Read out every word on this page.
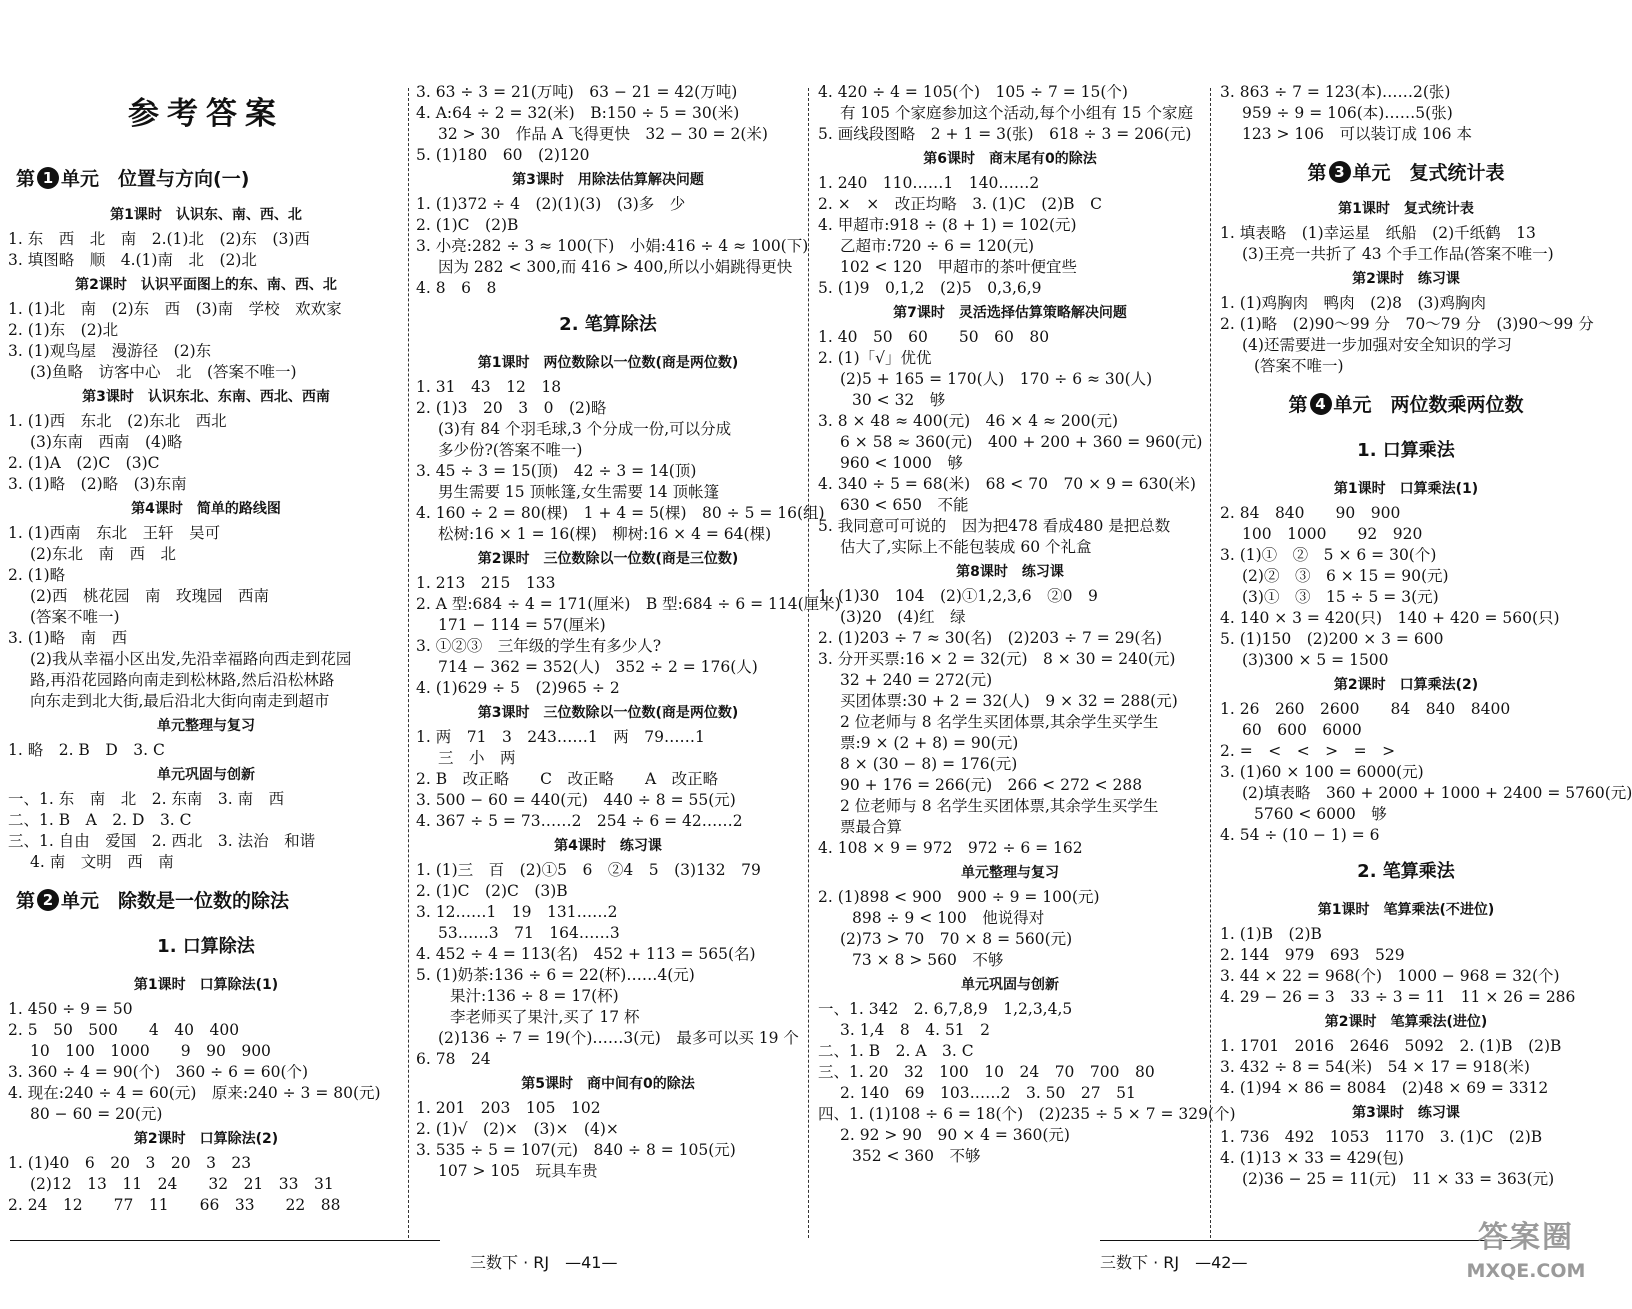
参考答案
第 1 单元　位置与方向(一)
第1课时　认识东、南、西、北
1. 东　西　北　南　2.(1)北　(2)东　(3)西
3. 填图略　顺　4.(1)南　北　(2)北
第2课时　认识平面图上的东、南、西、北
1. (1)北　南　(2)东　西　(3)南　学校　欢欢家
2. (1)东　(2)北
3. (1)观鸟屋　漫游径　(2)东
(3)鱼略　访客中心　北　(答案不唯一)
第3课时　认识东北、东南、西北、西南
1. (1)西　东北　(2)东北　西北
(3)东南　西南　(4)略
2. (1)A　(2)C　(3)C
3. (1)略　(2)略　(3)东南
第4课时　简单的路线图
1. (1)西南　东北　王轩　吴可
(2)东北　南　西　北
2. (1)略
(2)西　桃花园　南　玫瑰园　西南
(答案不唯一)
3. (1)略　南　西
(2)我从幸福小区出发,先沿幸福路向西走到花园
路,再沿花园路向南走到松林路,然后沿松林路
向东走到北大街,最后沿北大街向南走到超市
单元整理与复习
1. 略　2. B　D　3. C
单元巩固与创新
一、1. 东　南　北　2. 东南　3. 南　西
二、1. B　A　2. D　3. C
三、1. 自由　爱国　2. 西北　3. 法治　和谐
4. 南　文明　西　南
第 2 单元　除数是一位数的除法
1. 口算除法
第1课时　口算除法(1)
1. 450 ÷ 9 = 50
2. 5　50　500　　4　40　400
10　100　1000　　9　90　900
3. 360 ÷ 4 = 90(个)　360 ÷ 6 = 60(个)
4. 现在:240 ÷ 4 = 60(元)　原来:240 ÷ 3 = 80(元)
80 − 60 = 20(元)
第2课时　口算除法(2)
1. (1)40　6　20　3　20　3　23
(2)12　13　11　24　　32　21　33　31
2. 24　12　　77　11　　66　33　　22　88
3. 63 ÷ 3 = 21(万吨)　63 − 21 = 42(万吨)
4. A:64 ÷ 2 = 32(米)　B:150 ÷ 5 = 30(米)
32 > 30　作品 A 飞得更快　32 − 30 = 2(米)
5. (1)180　60　(2)120
第3课时　用除法估算解决问题
1. (1)372 ÷ 4　(2)(1)(3)　(3)多　少
2. (1)C　(2)B
3. 小亮:282 ÷ 3 ≈ 100(下)　小娟:416 ÷ 4 ≈ 100(下)
因为 282 < 300,而 416 > 400,所以小娟跳得更快
4. 8　6　8
2. 笔算除法
第1课时　两位数除以一位数(商是两位数)
1. 31　43　12　18
2. (1)3　20　3　0　(2)略
(3)有 84 个羽毛球,3 个分成一份,可以分成
多少份?(答案不唯一)
3. 45 ÷ 3 = 15(顶)　42 ÷ 3 = 14(顶)
男生需要 15 顶帐篷,女生需要 14 顶帐篷
4. 160 ÷ 2 = 80(棵)　1 + 4 = 5(棵)　80 ÷ 5 = 16(组)
松树:16 × 1 = 16(棵)　柳树:16 × 4 = 64(棵)
第2课时　三位数除以一位数(商是三位数)
1. 213　215　133
2. A 型:684 ÷ 4 = 171(厘米)　B 型:684 ÷ 6 = 114(厘米)
171 − 114 = 57(厘米)
3. ①②③　三年级的学生有多少人?
714 − 362 = 352(人)　352 ÷ 2 = 176(人)
4. (1)629 ÷ 5　(2)965 ÷ 2
第3课时　三位数除以一位数(商是两位数)
1. 两　71　3　243……1　两　79……1
三　小　两
2. B　改正略　　C　改正略　　A　改正略
3. 500 − 60 = 440(元)　440 ÷ 8 = 55(元)
4. 367 ÷ 5 = 73……2　254 ÷ 6 = 42……2
第4课时　练习课
1. (1)三　百　(2)①5　6　②4　5　(3)132　79
2. (1)C　(2)C　(3)B
3. 12……1　19　131……2
53……3　71　164……3
4. 452 ÷ 4 = 113(名)　452 + 113 = 565(名)
5. (1)奶茶:136 ÷ 6 = 22(杯)……4(元)
果汁:136 ÷ 8 = 17(杯)
李老师买了果汁,买了 17 杯
(2)136 ÷ 7 = 19(个)……3(元)　最多可以买 19 个
6. 78　24
第5课时　商中间有0的除法
1. 201　203　105　102
2. (1)√　(2)×　(3)×　(4)×
3. 535 ÷ 5 = 107(元)　840 ÷ 8 = 105(元)
107 > 105　玩具车贵
4. 420 ÷ 4 = 105(个)　105 ÷ 7 = 15(个)
有 105 个家庭参加这个活动,每个小组有 15 个家庭
5. 画线段图略　2 + 1 = 3(张)　618 ÷ 3 = 206(元)
第6课时　商末尾有0的除法
1. 240　110……1　140……2
2. ×　×　改正均略　3. (1)C　(2)B　C
4. 甲超市:918 ÷ (8 + 1) = 102(元)
乙超市:720 ÷ 6 = 120(元)
102 < 120　甲超市的茶叶便宜些
5. (1)9　0,1,2　(2)5　0,3,6,9
第7课时　灵活选择估算策略解决问题
1. 40　50　60　　50　60　80
2. (1)「√」优优
(2)5 + 165 = 170(人)　170 ÷ 6 ≈ 30(人)
30 < 32　够
3. 8 × 48 ≈ 400(元)　46 × 4 ≈ 200(元)
6 × 58 ≈ 360(元)　400 + 200 + 360 = 960(元)
960 < 1000　够
4. 340 ÷ 5 = 68(米)　68 < 70　70 × 9 = 630(米)
630 < 650　不能
5. 我同意可可说的　因为把478 看成480 是把总数
估大了,实际上不能包装成 60 个礼盒
第8课时　练习课
1. (1)30　104　(2)①1,2,3,6　②0　9
(3)20　(4)红　绿
2. (1)203 ÷ 7 ≈ 30(名)　(2)203 ÷ 7 = 29(名)
3. 分开买票:16 × 2 = 32(元)　8 × 30 = 240(元)
32 + 240 = 272(元)
买团体票:30 + 2 = 32(人)　9 × 32 = 288(元)
2 位老师与 8 名学生买团体票,其余学生买学生
票:9 × (2 + 8) = 90(元)
8 × (30 − 8) = 176(元)
90 + 176 = 266(元)　266 < 272 < 288
2 位老师与 8 名学生买团体票,其余学生买学生
票最合算
4. 108 × 9 = 972　972 ÷ 6 = 162
单元整理与复习
2. (1)898 < 900　900 ÷ 9 = 100(元)
898 ÷ 9 < 100　他说得对
(2)73 > 70　70 × 8 = 560(元)
73 × 8 > 560　不够
单元巩固与创新
一、1. 342　2. 6,7,8,9　1,2,3,4,5
3. 1,4　8　4. 51　2
二、1. B　2. A　3. C
三、1. 20　32　100　10　24　70　700　80
2. 140　69　103……2　3. 50　27　51
四、1. (1)108 ÷ 6 = 18(个)　(2)235 ÷ 5 × 7 = 329(个)
2. 92 > 90　90 × 4 = 360(元)
352 < 360　不够
3. 863 ÷ 7 = 123(本)……2(张)
959 ÷ 9 = 106(本)……5(张)
123 > 106　可以装订成 106 本
第 3 单元　复式统计表
第1课时　复式统计表
1. 填表略　(1)幸运星　纸船　(2)千纸鹤　13
(3)王亮一共折了 43 个手工作品(答案不唯一)
第2课时　练习课
1. (1)鸡胸肉　鸭肉　(2)8　(3)鸡胸肉
2. (1)略　(2)90～99 分　70～79 分　(3)90～99 分
(4)还需要进一步加强对安全知识的学习
(答案不唯一)
第 4 单元　两位数乘两位数
1. 口算乘法
第1课时　口算乘法(1)
2. 84　840　　90　900
100　1000　　92　920
3. (1)①　②　5 × 6 = 30(个)
(2)②　③　6 × 15 = 90(元)
(3)①　③　15 ÷ 5 = 3(元)
4. 140 × 3 = 420(只)　140 + 420 = 560(只)
5. (1)150　(2)200 × 3 = 600
(3)300 × 5 = 1500
第2课时　口算乘法(2)
1. 26　260　2600　　84　840　8400
60　600　6000
2. =　<　<　>　=　>
3. (1)60 × 100 = 6000(元)
(2)填表略　360 + 2000 + 1000 + 2400 = 5760(元)
5760 < 6000　够
4. 54 ÷ (10 − 1) = 6
2. 笔算乘法
第1课时　笔算乘法(不进位)
1. (1)B　(2)B
2. 144　979　693　529
3. 44 × 22 = 968(个)　1000 − 968 = 32(个)
4. 29 − 26 = 3　33 ÷ 3 = 11　11 × 26 = 286
第2课时　笔算乘法(进位)
1. 1701　2016　2646　5092　2. (1)B　(2)B
3. 432 ÷ 8 = 54(米)　54 × 17 = 918(米)
4. (1)94 × 86 = 8084　(2)48 × 69 = 3312
第3课时　练习课
1. 736　492　1053　1170　3. (1)C　(2)B
4. (1)13 × 33 = 429(包)
(2)36 − 25 = 11(元)　11 × 33 = 363(元)
三数下 · RJ　—41—	三数下 · RJ　—42—
答案圈
MXQE.COM
